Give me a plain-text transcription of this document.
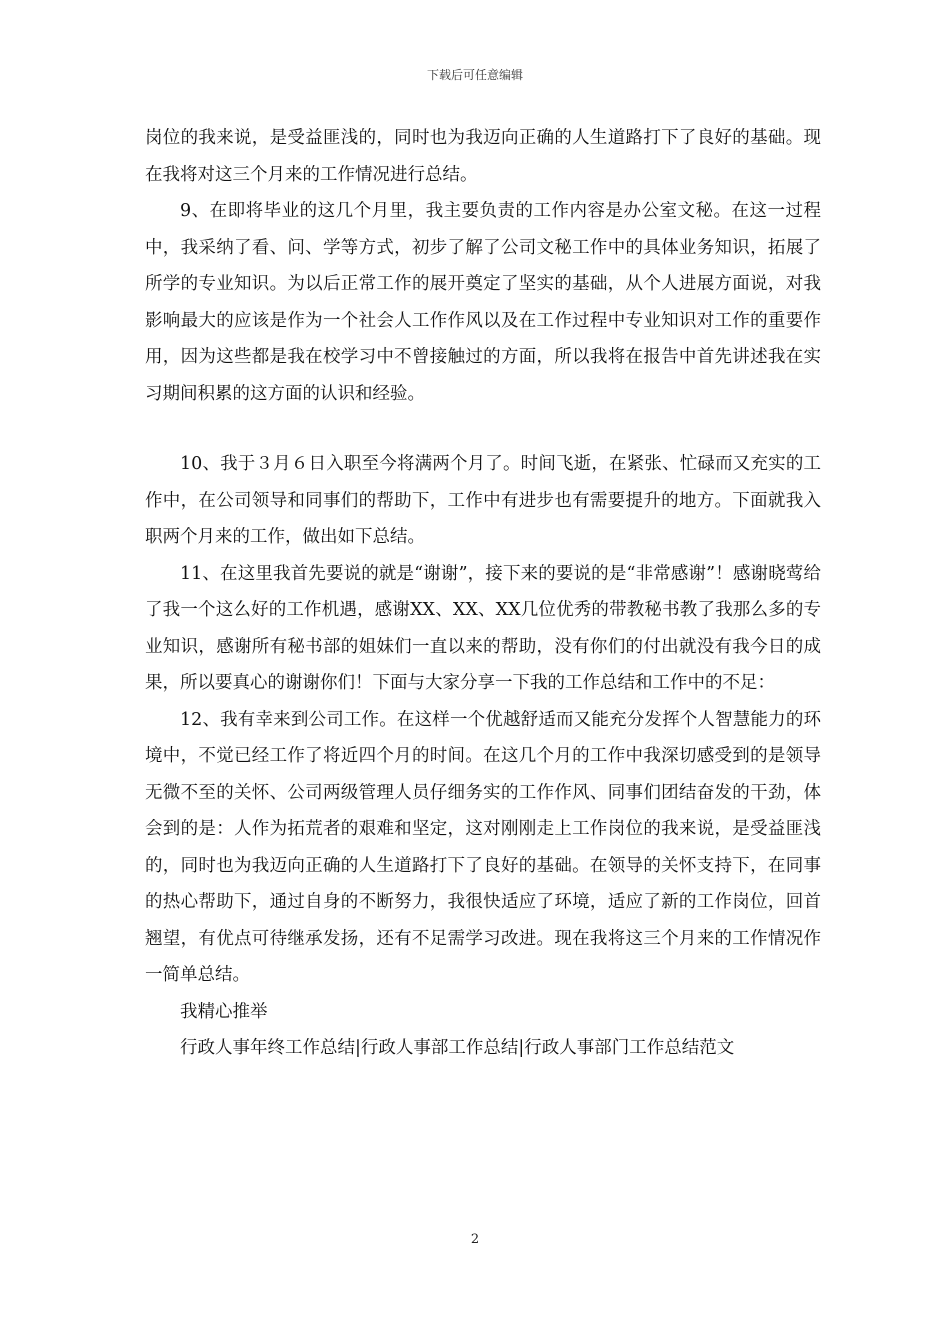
下载后可任意编辑

岗位的我来说，是受益匪浅的，同时也为我迈向正确的人生道路打下了良好的基础。现在我将对这三个月来的工作情况进行总结。

9、在即将毕业的这几个月里，我主要负责的工作内容是办公室文秘。在这一过程中，我采纳了看、问、学等方式，初步了解了公司文秘工作中的具体业务知识，拓展了所学的专业知识。为以后正常工作的展开奠定了坚实的基础，从个人进展方面说，对我影响最大的应该是作为一个社会人工作作风以及在工作过程中专业知识对工作的重要作用，因为这些都是我在校学习中不曾接触过的方面，所以我将在报告中首先讲述我在实习期间积累的这方面的认识和经验。

10、我于３月６日入职至今将满两个月了。时间飞逝，在紧张、忙碌而又充实的工作中，在公司领导和同事们的帮助下，工作中有进步也有需要提升的地方。下面就我入职两个月来的工作，做出如下总结。

11、在这里我首先要说的就是“谢谢”，接下来的要说的是“非常感谢”！感谢晓莺给了我一个这么好的工作机遇，感谢XX、XX、XX几位优秀的带教秘书教了我那么多的专业知识，感谢所有秘书部的姐妹们一直以来的帮助，没有你们的付出就没有我今日的成果，所以要真心的谢谢你们！下面与大家分享一下我的工作总结和工作中的不足：

12、我有幸来到公司工作。在这样一个优越舒适而又能充分发挥个人智慧能力的环境中，不觉已经工作了将近四个月的时间。在这几个月的工作中我深切感受到的是领导无微不至的关怀、公司两级管理人员仔细务实的工作作风、同事们团结奋发的干劲，体会到的是：人作为拓荒者的艰难和坚定，这对刚刚走上工作岗位的我来说，是受益匪浅的，同时也为我迈向正确的人生道路打下了良好的基础。在领导的关怀支持下，在同事的热心帮助下，通过自身的不断努力，我很快适应了环境，适应了新的工作岗位，回首翘望，有优点可待继承发扬，还有不足需学习改进。现在我将这三个月来的工作情况作一简单总结。

我精心推举

行政人事年终工作总结|行政人事部工作总结|行政人事部门工作总结范文

2
